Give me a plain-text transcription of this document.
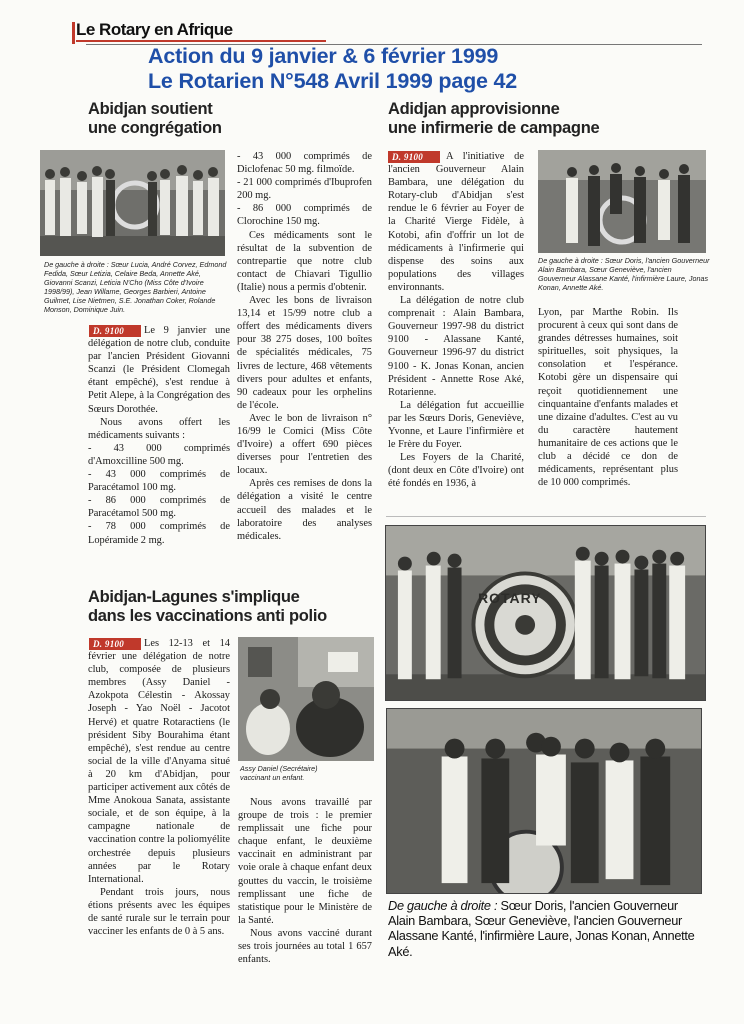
Le Rotary en Afrique
Action du 9 janvier & 6 février 1999
Le Rotarien N°548 Avril 1999 page 42
Abidjan soutient
une congrégation
De gauche à droite : Sœur Lucia, André Corvez, Edmond Fedida, Sœur Letizia, Celaire Beda, Annette Aké, Giovanni Scanzi, Leticia N'Cho (Miss Côte d'Ivoire 1998/99), Jean Willame, Georges Barbieri, Antoine Guilmet, Lise Nietmen, S.E. Jonathan Coker, Rolande Monson, Dominique Juin.

Le 9 janvier une délégation de notre club, conduite par l'ancien Président Giovanni Scanzi (le Président Clomegah étant empêché), s'est rendue à Petit Alepe, à la Congrégation des Sœurs Dorothée.

Nous avons offert les médicaments suivants :

- 43 000 comprimés d'Amoxcilline 500 mg.
- 43 000 comprimés de Paracétamol 100 mg.
- 86 000 comprimés de Paracétamol 500 mg.
- 78 000 comprimés de Lopéramide 2 mg.
D. 9100
- 43 000 comprimés de Diclofenac 50 mg. filmoïde.
- 21 000 comprimés d'Ibuprofen 200 mg.
- 86 000 comprimés de Clorochine 150 mg.

Ces médicaments sont le résultat de la subvention de contrepartie que notre club contact de Chiavari Tigullio (Italie) nous a permis d'obtenir.

Avec les bons de livraison 13,14 et 15/99 notre club a offert des médicaments divers pour 38 275 doses, 100 boîtes de spécialités médicales, 75 livres de lecture, 468 vêtements divers pour adultes et enfants, 90 cadeaux pour les orphelins de l'école.

Avec le bon de livraison n° 16/99 le Comici (Miss Côte d'Ivoire) a offert 690 pièces diverses pour l'entretien des locaux.

Après ces remises de dons la délégation a visité le centre accueil des malades et le laboratoire des analyses médicales.

Adidjan approvisionne
une infirmerie de campagne

A l'initiative de l'ancien Gouverneur Alain Bambara, une délégation du Rotary-club d'Abidjan s'est rendue le 6 février au Foyer de la Charité Vierge Fidèle, à Kotobi, afin d'offrir un lot de médicaments à l'infirmerie qui dispense des soins aux populations des villages environnants.

La délégation de notre club comprenait : Alain Bambara, Gouverneur 1997-98 du district 9100 - Alassane Kanté, Gouverneur 1996-97 du district 9100 - K. Jonas Konan, ancien Président - Annette Rose Aké, Rotarienne.

La délégation fut accueillie par les Sœurs Doris, Geneviève, Yvonne, et Laure l'infirmière et le Frère du Foyer.

Les Foyers de la Charité, (dont deux en Côte d'Ivoire) ont été fondés en 1936, à

D. 9100
De gauche à droite : Sœur Doris, l'ancien Gouverneur Alain Bambara, Sœur Geneviève, l'ancien Gouverneur Alassane Kanté, l'infirmière Laure, Jonas Konan, Annette Aké.

Lyon, par Marthe Robin. Ils procurent à ceux qui sont dans de grandes détresses humaines, soit spirituelles, soit physiques, la consolation et l'espérance. Kotobi gère un dispensaire qui reçoit quotidiennement une cinquantaine d'enfants malades et une dizaine d'adultes. C'est au vu du caractère hautement humanitaire de ces actions que le club a décidé ce don de médicaments, représentant plus de 10 000 comprimés.

ROTARY
De gauche à droite : Sœur Doris, l'ancien Gouverneur Alain Bambara, Sœur Geneviève, l'ancien Gouverneur Alassane Kanté, l'infirmière Laure, Jonas Konan, Annette Aké.
Abidjan-Lagunes s'implique
dans les vaccinations anti polio

Les 12-13 et 14 février une délégation de notre club, composée de plusieurs membres (Assy Daniel - Azokpota Célestin - Akossay Joseph - Yao Noël - Jacotot Hervé) et quatre Rotaractiens (le président Siby Bourahima étant empêché), s'est rendue au centre social de la ville d'Anyama situé à 20 km d'Abidjan, pour participer activement aux côtés de Mme Anokoua Sanata, assistante sociale, et de son équipe, à la campagne nationale de vaccination contre la poliomyélite orchestrée depuis plusieurs années par le Rotary International.

Pendant trois jours, nous étions présents avec les équipes de santé rurale sur le terrain pour vacciner les enfants de 0 à 5 ans.

D. 9100
Assy Daniel (Secrétaire) vaccinant un enfant.

Nous avons travaillé par groupe de trois : le premier remplissait une fiche pour chaque enfant, le deuxième vaccinait en administrant par voie orale à chaque enfant deux gouttes du vaccin, le troisième remplissant une fiche de statistique pour le Ministère de la Santé.

Nous avons vacciné durant ses trois journées au total 1 657 enfants.
